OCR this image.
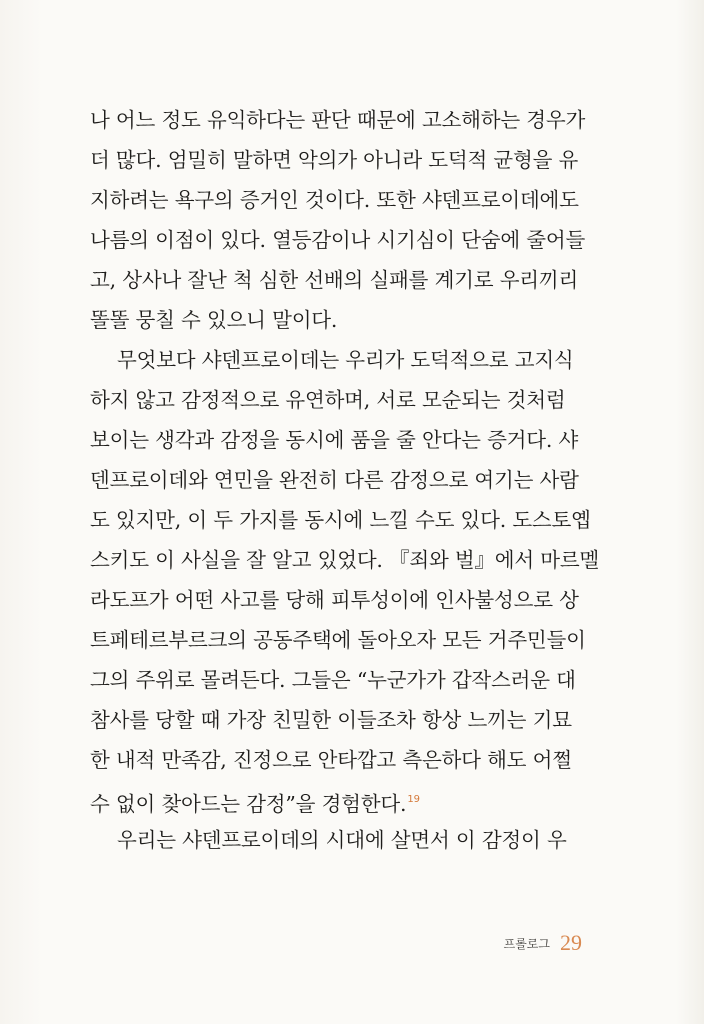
나 어느 정도 유익하다는 판단 때문에 고소해하는 경우가
더 많다. 엄밀히 말하면 악의가 아니라 도덕적 균형을 유
지하려는 욕구의 증거인 것이다. 또한 샤덴프로이데에도
나름의 이점이 있다. 열등감이나 시기심이 단숨에 줄어들
고, 상사나 잘난 척 심한 선배의 실패를 계기로 우리끼리
똘똘 뭉칠 수 있으니 말이다.
무엇보다 샤덴프로이데는 우리가 도덕적으로 고지식
하지 않고 감정적으로 유연하며, 서로 모순되는 것처럼
보이는 생각과 감정을 동시에 품을 줄 안다는 증거다. 샤
덴프로이데와 연민을 완전히 다른 감정으로 여기는 사람
도 있지만, 이 두 가지를 동시에 느낄 수도 있다. 도스토옙
스키도 이 사실을 잘 알고 있었다. 『죄와 벌』에서 마르멜
라도프가 어떤 사고를 당해 피투성이에 인사불성으로 상
트페테르부르크의 공동주택에 돌아오자 모든 거주민들이
그의 주위로 몰려든다. 그들은 “누군가가 갑작스러운 대
참사를 당할 때 가장 친밀한 이들조차 항상 느끼는 기묘
한 내적 만족감, 진정으로 안타깝고 측은하다 해도 어쩔
수 없이 찾아드는 감정”을 경험한다.$^{19}$
우리는 샤덴프로이데의 시대에 살면서 이 감정이 우
프롤로그 29
